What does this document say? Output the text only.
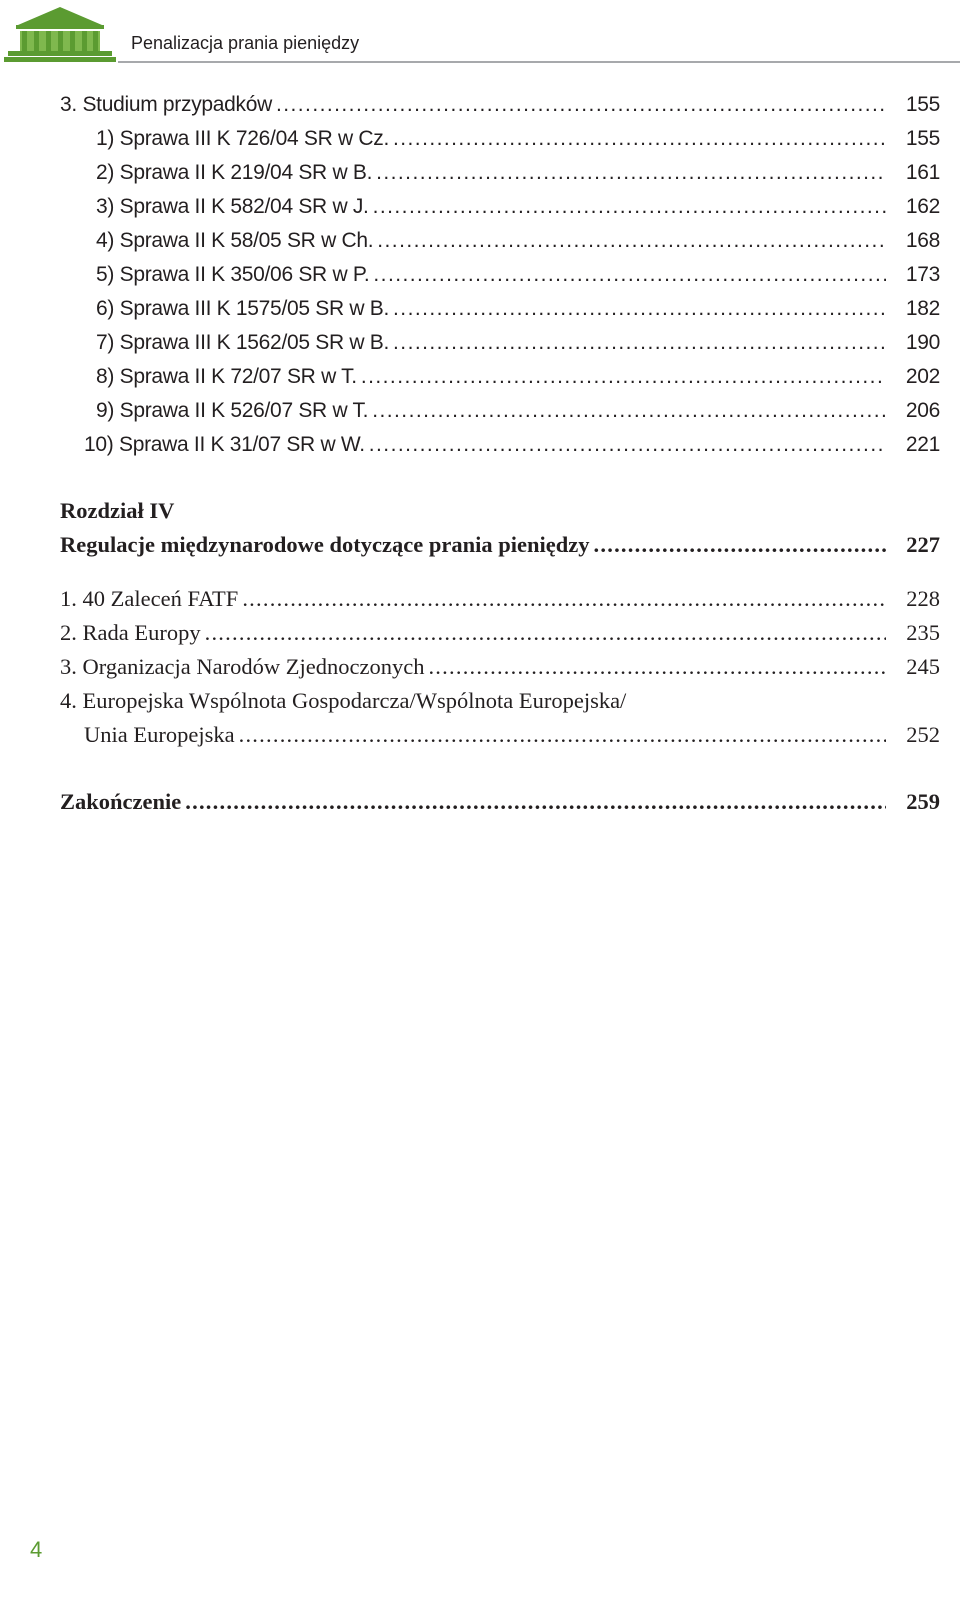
Penalizacja prania pieniędzy
3. Studium przypadków . . .	155
1) Sprawa III K 726/04 SR w Cz. . . .	155
2) Sprawa II K 219/04 SR w B. . . .	161
3) Sprawa II K 582/04 SR w J. . . .	162
4) Sprawa II K 58/05 SR w Ch. . . .	168
5) Sprawa II K 350/06 SR w P. . . .	173
6) Sprawa III K 1575/05 SR w B. . . .	182
7) Sprawa III K 1562/05 SR w B. . . .	190
8) Sprawa II K 72/07 SR w T. . . .	202
9) Sprawa II K 526/07 SR w T. . . .	206
10) Sprawa II K 31/07 SR w W. . . .	221
Rozdział IV
Regulacje międzynarodowe dotyczące prania pieniędzy . . .	227
1. 40 Zaleceń FATF . . .	228
2. Rada Europy . . .	235
3. Organizacja Narodów Zjednoczonych . . .	245
4. Europejska Wspólnota Gospodarcza/Wspólnota Europejska/
Unia Europejska . . .	252
Zakończenie . . .	259
4
